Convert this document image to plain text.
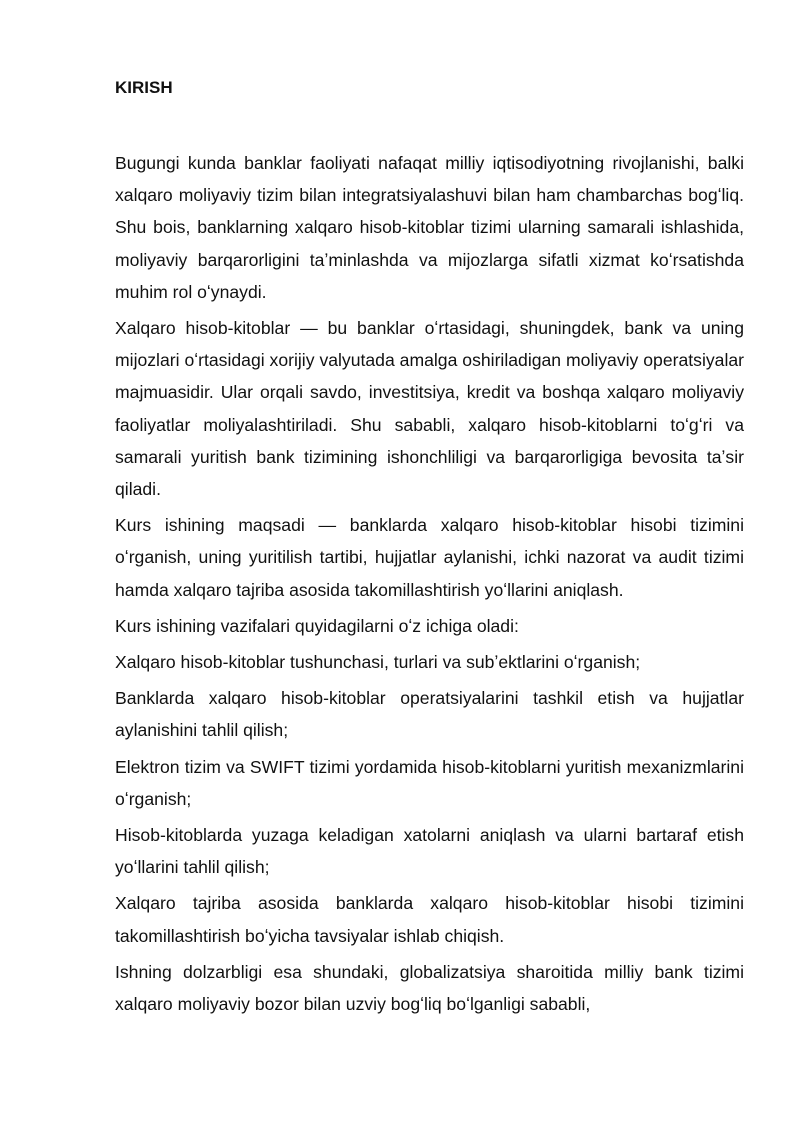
KIRISH

Bugungi kunda banklar faoliyati nafaqat milliy iqtisodiyotning rivojlanishi, balki xalqaro moliyaviy tizim bilan integratsiyalashuvi bilan ham chambarchas bogʻliq. Shu bois, banklarning xalqaro hisob-kitoblar tizimi ularning samarali ishlashida, moliyaviy barqarorligini taʼminlashda va mijozlarga sifatli xizmat koʻrsatishda muhim rol oʻynaydi.

Xalqaro hisob-kitoblar — bu banklar oʻrtasidagi, shuningdek, bank va uning mijozlari oʻrtasidagi xorijiy valyutada amalga oshiriladigan moliyaviy operatsiyalar majmuasidir. Ular orqali savdo, investitsiya, kredit va boshqa xalqaro moliyaviy faoliyatlar moliyalashtiriladi. Shu sababli, xalqaro hisob-kitoblarni toʻgʻri va samarali yuritish bank tizimining ishonchliligi va barqarorligiga bevosita taʼsir qiladi.

Kurs ishining maqsadi — banklarda xalqaro hisob-kitoblar hisobi tizimini oʻrganish, uning yuritilish tartibi, hujjatlar aylanishi, ichki nazorat va audit tizimi hamda xalqaro tajriba asosida takomillashtirish yoʻllarini aniqlash.

Kurs ishining vazifalari quyidagilarni oʻz ichiga oladi:

Xalqaro hisob-kitoblar tushunchasi, turlari va subʼektlarini oʻrganish;

Banklarda xalqaro hisob-kitoblar operatsiyalarini tashkil etish va hujjatlar aylanishini tahlil qilish;

Elektron tizim va SWIFT tizimi yordamida hisob-kitoblarni yuritish mexanizmlarini oʻrganish;

Hisob-kitoblarda yuzaga keladigan xatolarni aniqlash va ularni bartaraf etish yoʻllarini tahlil qilish;

Xalqaro tajriba asosida banklarda xalqaro hisob-kitoblar hisobi tizimini takomillashtirish boʻyicha tavsiyalar ishlab chiqish.

Ishning dolzarbligi esa shundaki, globalizatsiya sharoitida milliy bank tizimi xalqaro moliyaviy bozor bilan uzviy bogʻliq boʻlganligi sababli,
